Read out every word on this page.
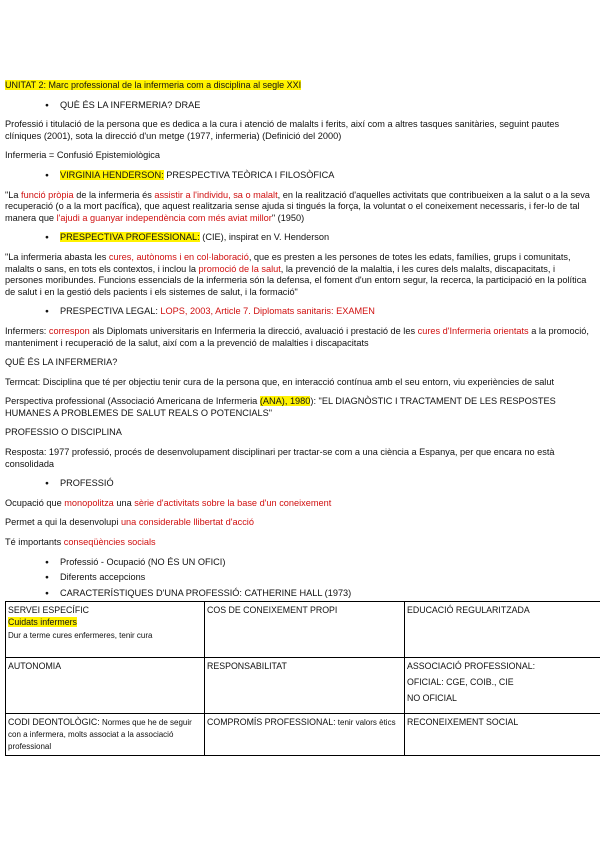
UNITAT 2: Marc professional de la infermeria com a disciplina al segle XXI

● QUÈ ÉS LA INFERMERIA? DRAE

Professió i titulació de la persona que es dedica a la cura i atenció de malalts i ferits, així com a altres tasques sanitàries, seguint pautes clíniques (2001), sota la direcció d'un metge (1977, infermeria) (Definició del 2000)

Infermeria = Confusió Epistemiològica

● VIRGINIA HENDERSON: PRESPECTIVA TEÒRICA I FILOSÒFICA

"La funció pròpia de la infermeria és assistir a l'individu, sa o malalt, en la realització d'aquelles activitats que contribueixen a la salut o a la seva recuperació (o a la mort pacífica), que aquest realitzaria sense ajuda si tingués la força, la voluntat o el coneixement necessaris, i fer-lo de tal manera que l'ajudi a guanyar independència com més aviat millor" (1950)

● PRESPECTIVA PROFESSIONAL: (CIE), inspirat en V. Henderson

"La infermeria abasta les cures, autònoms i en col·laboració, que es presten a les persones de totes les edats, famílies, grups i comunitats, malalts o sans, en tots els contextos, i inclou la promoció de la salut, la prevenció de la malaltia, i les cures dels malalts, discapacitats, i persones moribundes. Funcions essencials de la infermeria són la defensa, el foment d'un entorn segur, la recerca, la participació en la política de salut i en la gestió dels pacients i els sistemes de salut, i la formació"

● PRESPECTIVA LEGAL: LOPS, 2003, Article 7. Diplomats sanitaris: EXAMEN

Infermers: correspon als Diplomats universitaris en Infermeria la direcció, avaluació i prestació de les cures d'Infermeria orientats a la promoció, manteniment i recuperació de la salut, així com a la prevenció de malalties i discapacitats

QUÈ ÉS LA INFERMERIA?

Termcat: Disciplina que té per objectiu tenir cura de la persona que, en interacció contínua amb el seu entorn, viu experiències de salut

Perspectiva professional (Associació Americana de Infermeria (ANA), 1980): "EL DIAGNÒSTIC I TRACTAMENT DE LES RESPOSTES HUMANES A PROBLEMES DE SALUT REALS O POTENCIALS"

PROFESSIO O DISCIPLINA

Resposta: 1977 professió, procés de desenvolupament disciplinari per tractar-se com a una ciència a Espanya, per que encara no està consolidada

● PROFESSIÓ

Ocupació que monopolitza una sèrie d'activitats sobre la base d'un coneixement

Permet a qui la desenvolupi una considerable llibertat d'acció

Té importants conseqüències socials

● Professió - Ocupació (NO ÉS UN OFICI)

● Diferents accepcions

● CARACTERÍSTIQUES D'UNA PROFESSIÓ: CATHERINE HALL (1973)

SERVEI ESPECÍFIC
Cuidats infermers
Dur a terme cures enfermeres, tenir cura	COS DE CONEIXEMENT PROPI	EDUCACIÓ REGULARITZADA
AUTONOMIA	RESPONSABILITAT	ASSOCIACIÓ PROFESSIONAL:
OFICIAL: CGE, COIB., CIE
NO OFICIAL

CODI DEONTOLÒGIC: Normes que he de seguir con a infermera, molts associat a la associació professional	COMPROMÍS PROFESSIONAL: tenir valors ètics	RECONEIXEMENT SOCIAL
